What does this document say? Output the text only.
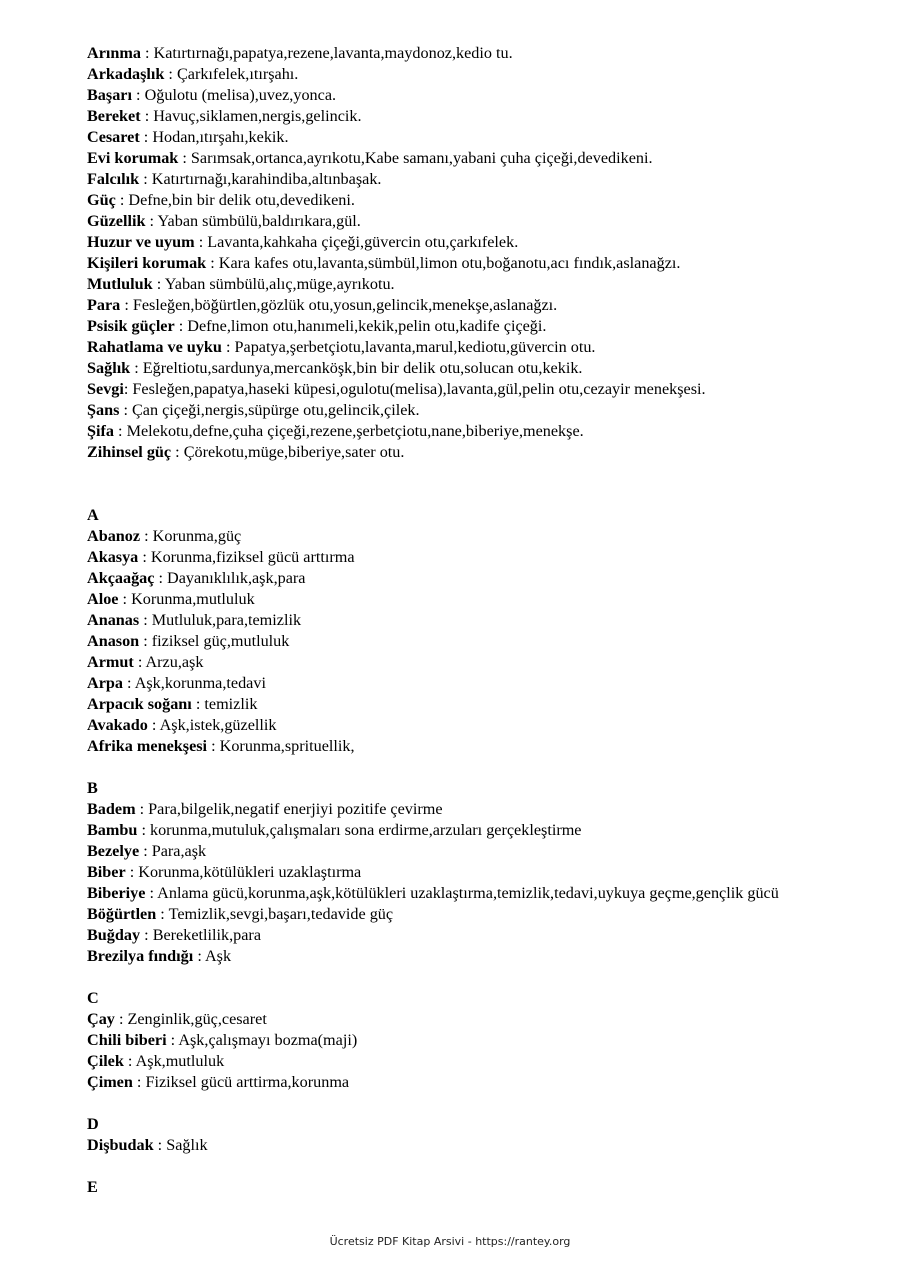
Arınma : Katırtırnağı,papatya,rezene,lavanta,maydonoz,kedio tu.

Arkadaşlık : Çarkıfelek,ıtırşahı.

Başarı : Oğulotu (melisa),uvez,yonca.

Bereket : Havuç,siklamen,nergis,gelincik.

Cesaret : Hodan,ıtırşahı,kekik.

Evi korumak : Sarımsak,ortanca,ayrıkotu,Kabe samanı,yabani çuha çiçeği,devedikeni.

Falcılık : Katırtırnağı,karahindiba,altınbaşak.

Güç : Defne,bin bir delik otu,devedikeni.

Güzellik : Yaban sümbülü,baldırıkara,gül.

Huzur ve uyum : Lavanta,kahkaha çiçeği,güvercin otu,çarkıfelek.

Kişileri korumak : Kara kafes otu,lavanta,sümbül,limon otu,boğanotu,acı fındık,aslanağzı.

Mutluluk : Yaban sümbülü,alıç,müge,ayrıkotu.

Para : Fesleğen,böğürtlen,gözlük otu,yosun,gelincik,menekşe,aslanağzı.

Psisik güçler : Defne,limon otu,hanımeli,kekik,pelin otu,kadife çiçeği.

Rahatlama ve uyku : Papatya,şerbetçiotu,lavanta,marul,kediotu,güvercin otu.

Sağlık : Eğreltiotu,sardunya,mercanköşk,bin bir delik otu,solucan otu,kekik.

Sevgi: Fesleğen,papatya,haseki küpesi,ogulotu(melisa),lavanta,gül,pelin otu,cezayir menekşesi.

Şans : Çan çiçeği,nergis,süpürge otu,gelincik,çilek.

Şifa : Melekotu,defne,çuha çiçeği,rezene,şerbetçiotu,nane,biberiye,menekşe.

Zihinsel güç : Çörekotu,müge,biberiye,sater otu.

A

Abanoz : Korunma,güç

Akasya : Korunma,fiziksel gücü arttırma

Akçaağaç : Dayanıklılık,aşk,para

Aloe : Korunma,mutluluk

Ananas : Mutluluk,para,temizlik

Anason : fiziksel güç,mutluluk

Armut : Arzu,aşk

Arpa : Aşk,korunma,tedavi

Arpacık soğanı : temizlik

Avakado : Aşk,istek,güzellik

Afrika menekşesi : Korunma,sprituellik,

B

Badem : Para,bilgelik,negatif enerjiyi pozitife çevirme

Bambu : korunma,mutuluk,çalışmaları sona erdirme,arzuları gerçekleştirme

Bezelye : Para,aşk

Biber : Korunma,kötülükleri uzaklaştırma

Biberiye : Anlama gücü,korunma,aşk,kötülükleri uzaklaştırma,temizlik,tedavi,uykuya geçme,gençlik gücü

Böğürtlen : Temizlik,sevgi,başarı,tedavide güç

Buğday : Bereketlilik,para

Brezilya fındığı : Aşk

C

Çay : Zenginlik,güç,cesaret

Chili biberi : Aşk,çalışmayı bozma(maji)

Çilek : Aşk,mutluluk

Çimen : Fiziksel gücü arttirma,korunma

D

Dişbudak : Sağlık

E

Ücretsiz PDF Kitap Arsivi - https://rantey.org
